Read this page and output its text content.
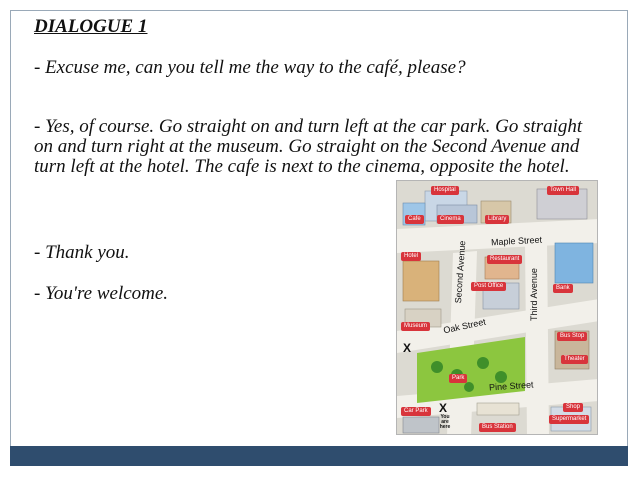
DIALOGUE 1
- Excuse me, can you tell me the way to the café, please?
- Yes, of course. Go straight on and turn left at the car park. Go straight on and turn right at the museum. Go straight on the Second Avenue and turn left at the hotel. The cafe is next to the cinema, opposite the hotel.
- Thank you.
- You're welcome.
Hospital	Town Hall
Cafe	Cinema	Library
Hotel	Restaurant
Post Office	Bank
Museum
Bus Stop
Theater
Park
Car Park
Shop
Supermarket
Bus Station
Maple Street
Second Avenue	Third Avenue
Oak Street
Pine Street
X
X
You are here
